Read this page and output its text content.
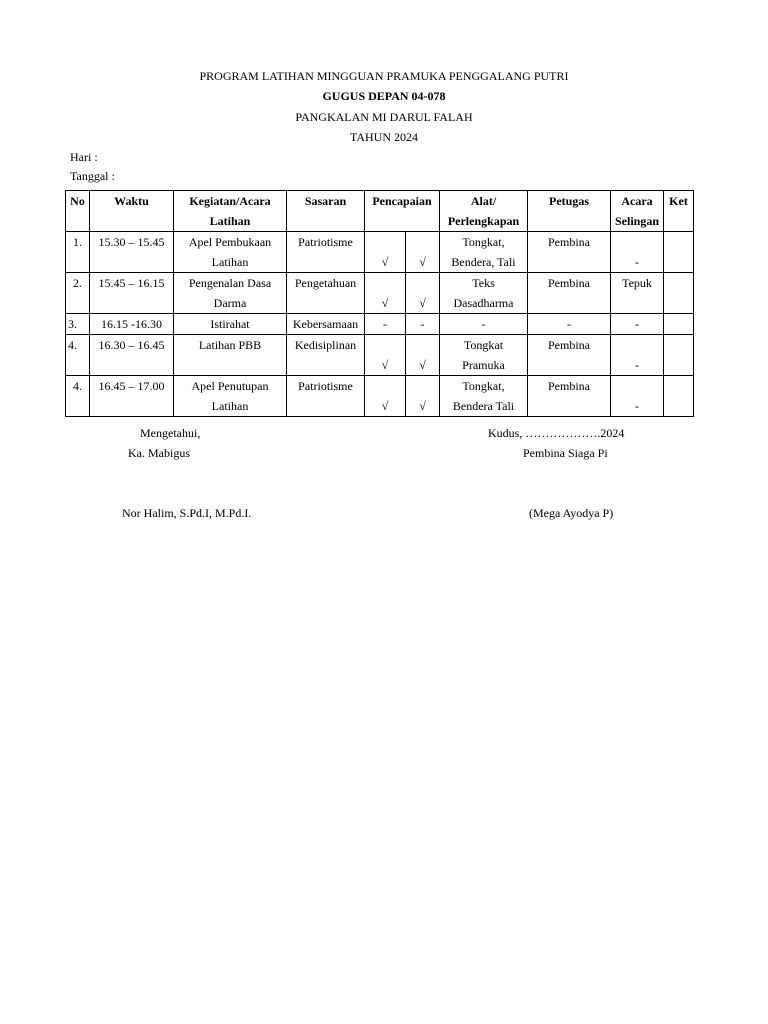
PROGRAM LATIHAN MINGGUAN PRAMUKA PENGGALANG PUTRI
GUGUS DEPAN 04-078
PANGKALAN MI DARUL FALAH
TAHUN 2024
Hari :
Tanggal :
No	Waktu	Kegiatan/Acara Latihan	Sasaran	Pencapaian		Alat/ Perlengkapan	Petugas	Acara Selingan	Ket
1.	15.30 – 15.45	Apel Pembukaan Latihan	Patriotisme	√	√	Tongkat, Bendera, Tali	Pembina	-	
2.	15.45 – 16.15	Pengenalan Dasa Darma	Pengetahuan	√	√	Teks Dasadharma	Pembina	Tepuk	
3.	16.15 -16.30	Istirahat	Kebersamaan	-	-	-	-	-	
4.	16.30 – 16.45	Latihan PBB	Kedisiplinan	√	√	Tongkat Pramuka	Pembina	-	
4.	16.45 – 17.00	Apel Penutupan Latihan	Patriotisme	√	√	Tongkat, Bendera Tali	Pembina	-	
Mengetahui,
Ka. Mabigus
Nor Halim, S.Pd.I, M.Pd.I.
Kudus, ……………….2024
Pembina Siaga Pi
(Mega Ayodya P)
